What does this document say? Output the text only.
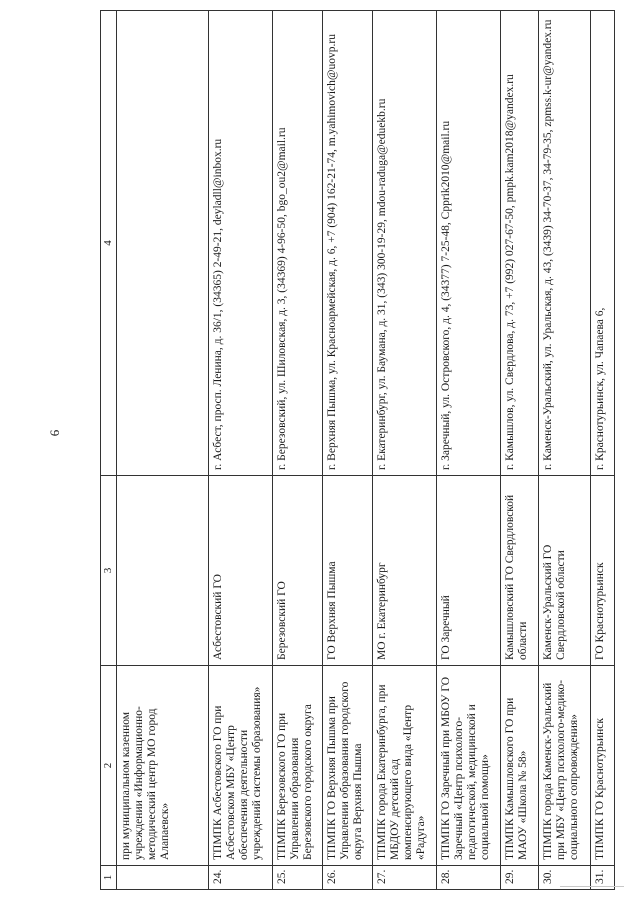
6
1	2	3	4
	при муниципальном казенном учреждении «Информационно-методический центр МО город Алапаевск»		
24.	ТПМПК Асбестовского ГО при Асбестовском МБУ «Центр обеспечения деятельности учреждений системы образования»	Асбестовский ГО	г. Асбест, просп. Ленина, д. 36/1, (34365) 2-49-21, deyladll@inbox.ru
25.	ТПМПК Березовского ГО при Управлении образования Березовского городского округа	Березовский ГО	г. Березовский, ул. Шиловская, д. 3, (34369) 4-96-50, bgo_ou2@mail.ru
26.	ТПМПК ГО Верхняя Пышма при Управлении образования городского округа Верхняя Пышма	ГО Верхняя Пышма	г. Верхняя Пышма, ул. Красноармейская, д. 6, +7 (904) 162-21-74, m.yahimovich@uovp.ru
27.	ТПМПК города Екатеринбурга, при МБДОУ детский сад компенсирующего вида «Центр «Радуга»	МО г. Екатеринбург	г. Екатеринбург, ул. Баумана, д. 31, (343) 300-19-29, mdou-raduga@eduekb.ru
28.	ТПМПК ГО Заречный при МБОУ ГО Заречный «Центр психолого-педагогической, медицинской и социальной помощи»	ГО Заречный	г. Заречный, ул. Островского, д. 4, (34377) 7-25-48, Cpprik2010@mail.ru
29.	ТПМПК Камышловского ГО при МАОУ «Школа № 58»	Камышловский ГО Свердловской области	г. Камышлов, ул. Свердлова, д. 73, +7 (992) 027-67-50, pmpk.kam2018@yandex.ru
30.	ТПМПК города Каменск-Уральский при МБУ «Центр психолого-медико-социального сопровождения»	Каменск-Уральский ГО Свердловской области	г. Каменск-Уральский, ул. Уральская, д. 43, (3439) 34-70-37, 34-79-35, zpmss.k-ur@yandex.ru
31.	ТПМПК ГО Краснотурьинск	ГО Краснотурьинск	г. Краснотурьинск, ул. Чапаева 6,
